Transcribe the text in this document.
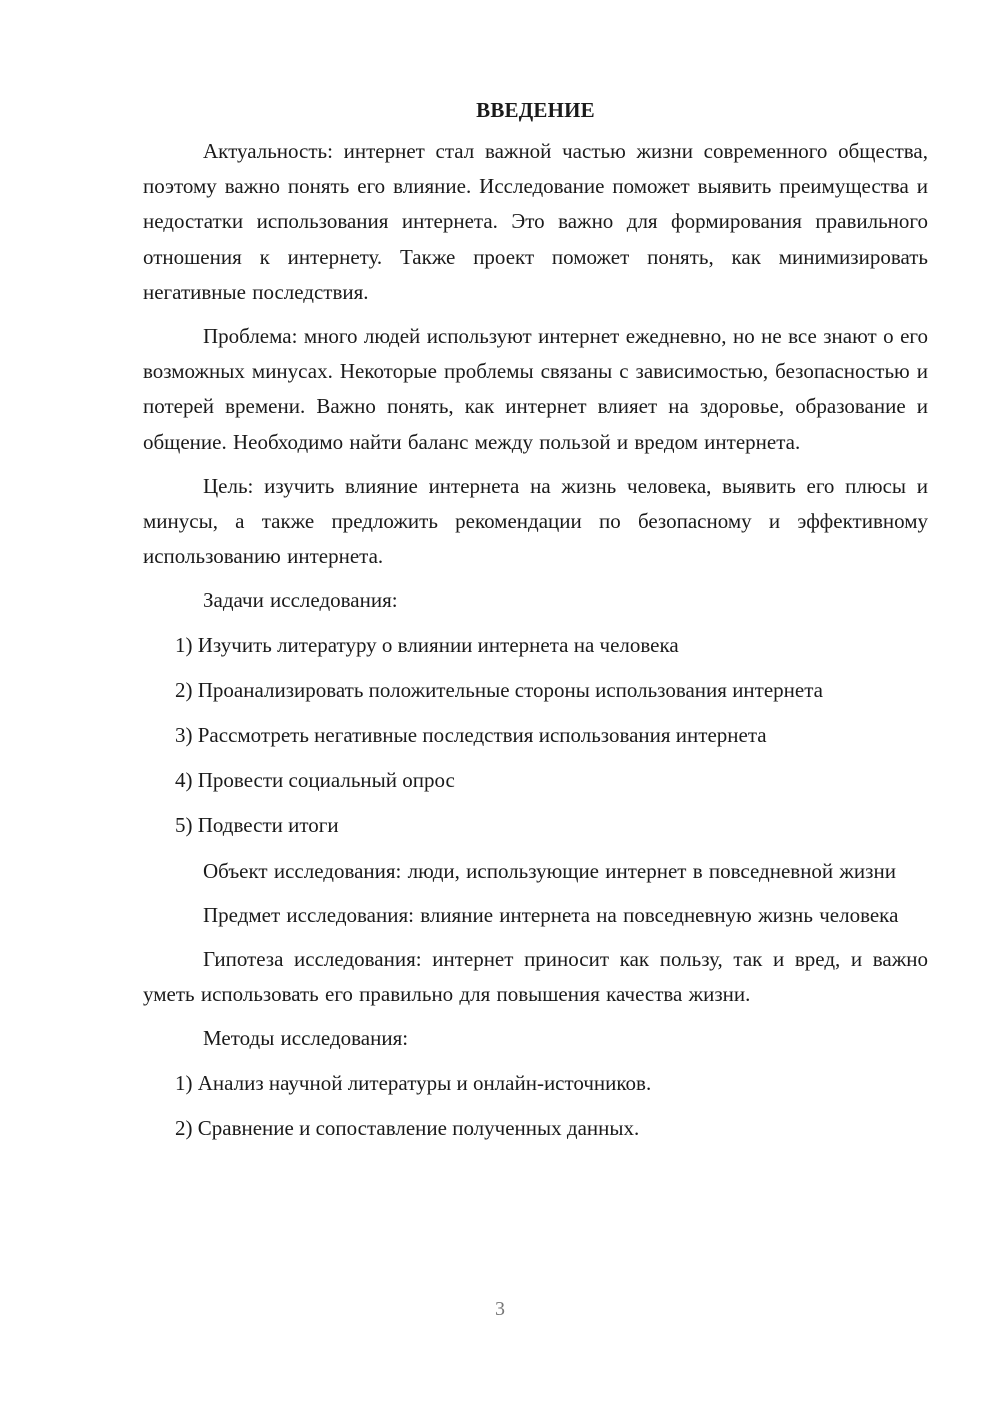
ВВЕДЕНИЕ

Актуальность: интернет стал важной частью жизни современного общества, поэтому важно понять его влияние. Исследование поможет выявить преимущества и недостатки использования интернета. Это важно для формирования правильного отношения к интернету. Также проект поможет понять, как минимизировать негативные последствия.

Проблема: много людей используют интернет ежедневно, но не все знают о его возможных минусах. Некоторые проблемы связаны с зависимостью, безопасностью и потерей времени. Важно понять, как интернет влияет на здоровье, образование и общение. Необходимо найти баланс между пользой и вредом интернета.

Цель: изучить влияние интернета на жизнь человека, выявить его плюсы и минусы, а также предложить рекомендации по безопасному и эффективному использованию интернета.

Задачи исследования:

1) Изучить литературу о влиянии интернета на человека

2) Проанализировать положительные стороны использования интернета

3) Рассмотреть негативные последствия использования интернета

4) Провести социальный опрос

5) Подвести итоги

Объект исследования: люди, использующие интернет в повседневной жизни

Предмет исследования: влияние интернета на повседневную жизнь человека

Гипотеза исследования: интернет приносит как пользу, так и вред, и важно уметь использовать его правильно для повышения качества жизни.

Методы исследования:

1) Анализ научной литературы и онлайн-источников.

2) Сравнение и сопоставление полученных данных.

3
